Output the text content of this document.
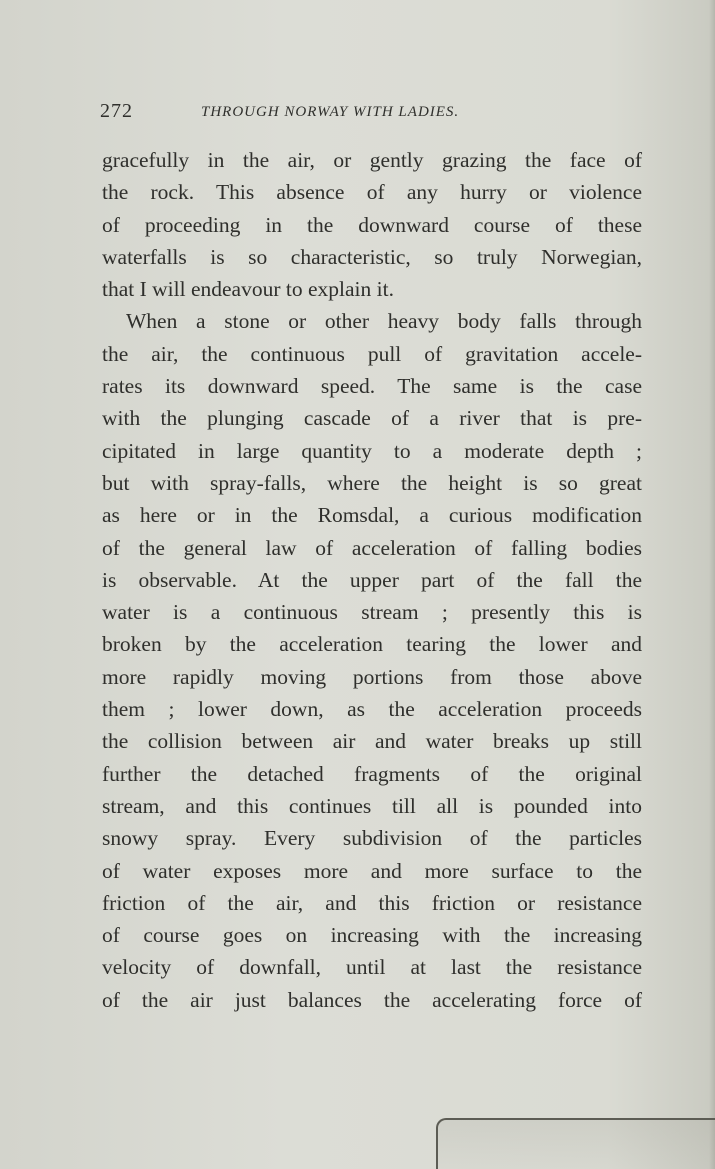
272	THROUGH NORWAY WITH LADIES.
gracefully in the air, or gently grazing the face of
the rock. This absence of any hurry or violence
of proceeding in the downward course of these
waterfalls is so characteristic, so truly Norwegian,
that I will endeavour to explain it.
When a stone or other heavy body falls through
the air, the continuous pull of gravitation accele-
rates its downward speed. The same is the case
with the plunging cascade of a river that is pre-
cipitated in large quantity to a moderate depth ;
but with spray-falls, where the height is so great
as here or in the Romsdal, a curious modification
of the general law of acceleration of falling bodies
is observable. At the upper part of the fall the
water is a continuous stream ; presently this is
broken by the acceleration tearing the lower and
more rapidly moving portions from those above
them ; lower down, as the acceleration proceeds
the collision between air and water breaks up still
further the detached fragments of the original
stream, and this continues till all is pounded into
snowy spray. Every subdivision of the particles
of water exposes more and more surface to the
friction of the air, and this friction or resistance
of course goes on increasing with the increasing
velocity of downfall, until at last the resistance
of the air just balances the accelerating force of
